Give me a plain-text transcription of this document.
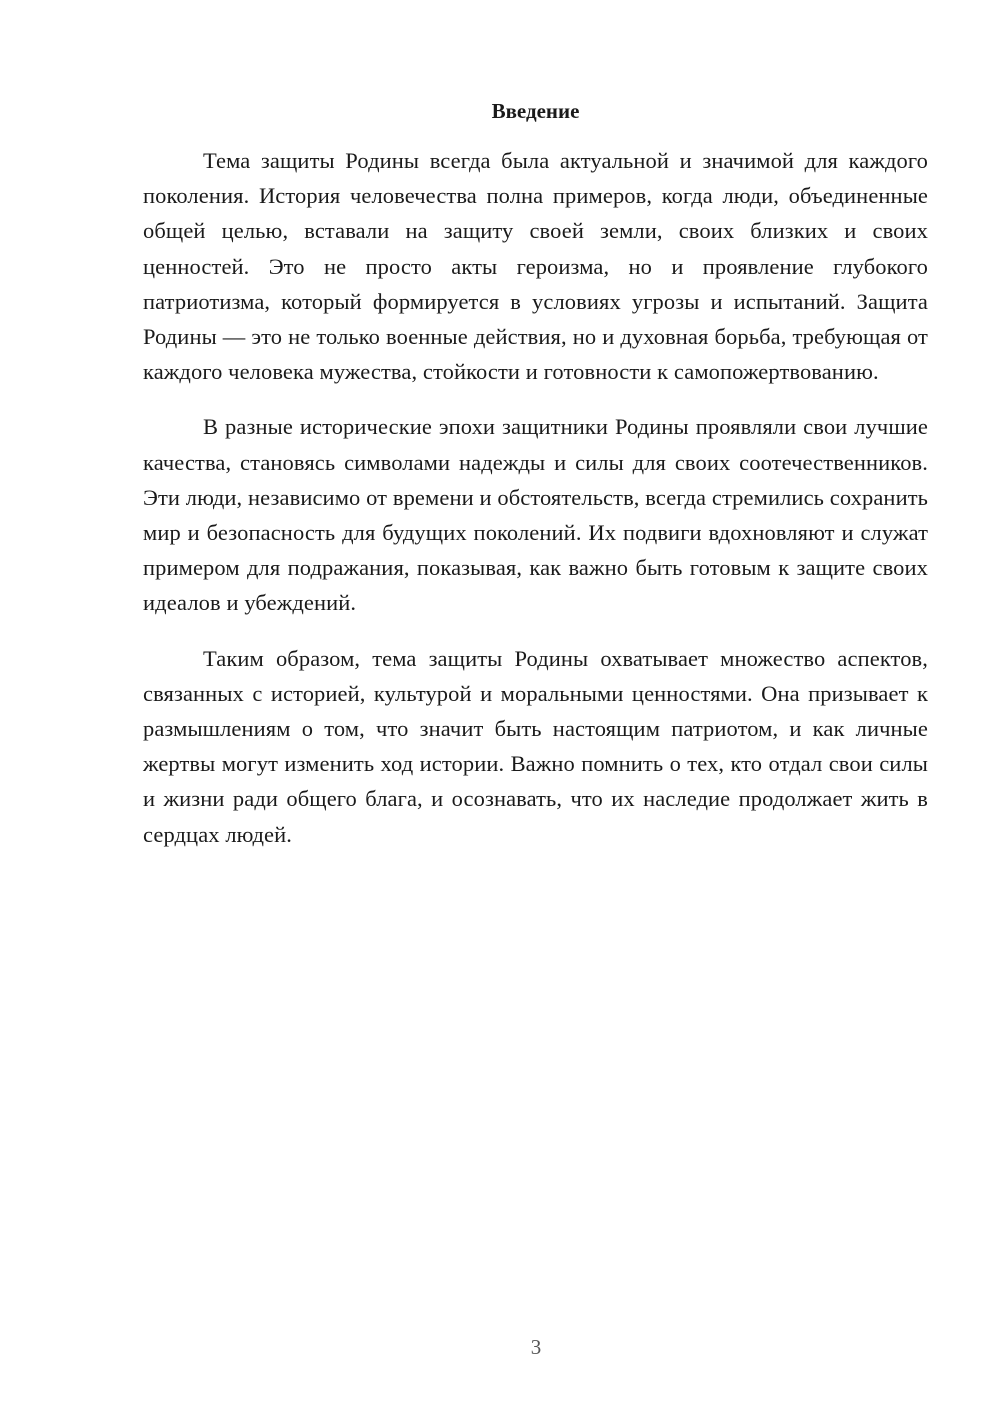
Введение

Тема защиты Родины всегда была актуальной и значимой для каждого поколения. История человечества полна примеров, когда люди, объединенные общей целью, вставали на защиту своей земли, своих близких и своих ценностей. Это не просто акты героизма, но и проявление глубокого патриотизма, который формируется в условиях угрозы и испытаний. Защита Родины — это не только военные действия, но и духовная борьба, требующая от каждого человека мужества, стойкости и готовности к самопожертвованию.

В разные исторические эпохи защитники Родины проявляли свои лучшие качества, становясь символами надежды и силы для своих соотечественников. Эти люди, независимо от времени и обстоятельств, всегда стремились сохранить мир и безопасность для будущих поколений. Их подвиги вдохновляют и служат примером для подражания, показывая, как важно быть готовым к защите своих идеалов и убеждений.

Таким образом, тема защиты Родины охватывает множество аспектов, связанных с историей, культурой и моральными ценностями. Она призывает к размышлениям о том, что значит быть настоящим патриотом, и как личные жертвы могут изменить ход истории. Важно помнить о тех, кто отдал свои силы и жизни ради общего блага, и осознавать, что их наследие продолжает жить в сердцах людей.

3
